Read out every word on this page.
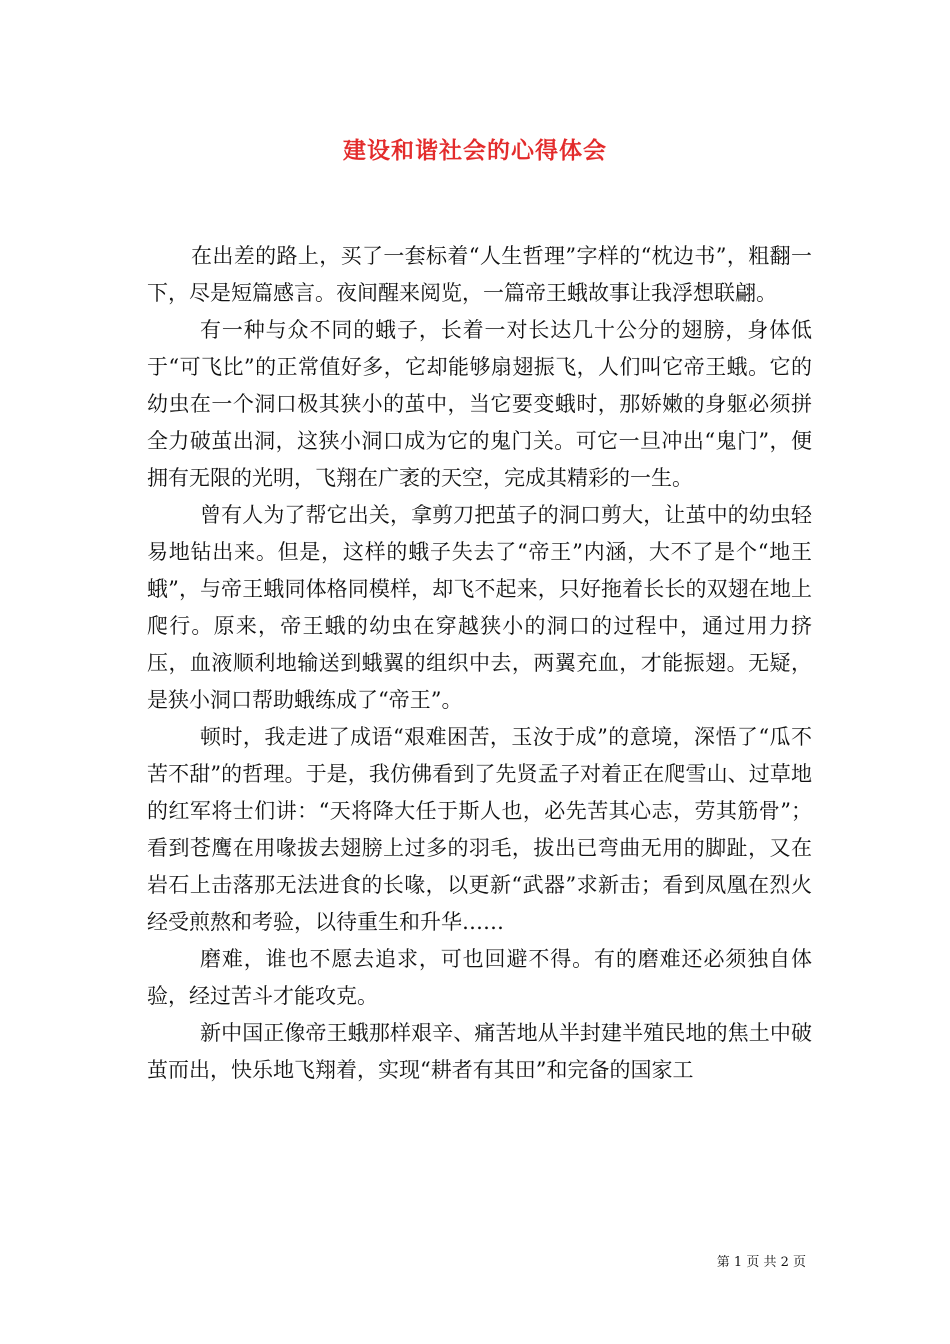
建设和谐社会的心得体会

在出差的路上，买了一套标着“人生哲理”字样的“枕边书”，粗翻一下，尽是短篇感言。夜间醒来阅览，一篇帝王蛾故事让我浮想联翩。

有一种与众不同的蛾子，长着一对长达几十公分的翅膀，身体低于“可飞比”的正常值好多，它却能够扇翅振飞，人们叫它帝王蛾。它的幼虫在一个洞口极其狭小的茧中，当它要变蛾时，那娇嫩的身躯必须拼全力破茧出洞，这狭小洞口成为它的鬼门关。可它一旦冲出“鬼门”，便拥有无限的光明，飞翔在广袤的天空，完成其精彩的一生。

曾有人为了帮它出关，拿剪刀把茧子的洞口剪大，让茧中的幼虫轻易地钻出来。但是，这样的蛾子失去了“帝王”内涵，大不了是个“地王蛾”，与帝王蛾同体格同模样，却飞不起来，只好拖着长长的双翅在地上爬行。原来，帝王蛾的幼虫在穿越狭小的洞口的过程中，通过用力挤压，血液顺利地输送到蛾翼的组织中去，两翼充血，才能振翅。无疑，是狭小洞口帮助蛾练成了“帝王”。

顿时，我走进了成语“艰难困苦，玉汝于成”的意境，深悟了“瓜不苦不甜”的哲理。于是，我仿佛看到了先贤孟子对着正在爬雪山、过草地的红军将士们讲：“天将降大任于斯人也，必先苦其心志，劳其筋骨”；看到苍鹰在用喙拔去翅膀上过多的羽毛，拔出已弯曲无用的脚趾，又在岩石上击落那无法进食的长喙，以更新“武器”求新击；看到凤凰在烈火经受煎熬和考验，以待重生和升华……

磨难，谁也不愿去追求，可也回避不得。有的磨难还必须独自体验，经过苦斗才能攻克。

新中国正像帝王蛾那样艰辛、痛苦地从半封建半殖民地的焦土中破茧而出，快乐地飞翔着，实现“耕者有其田”和完备的国家工

第 1 页 共 2 页
